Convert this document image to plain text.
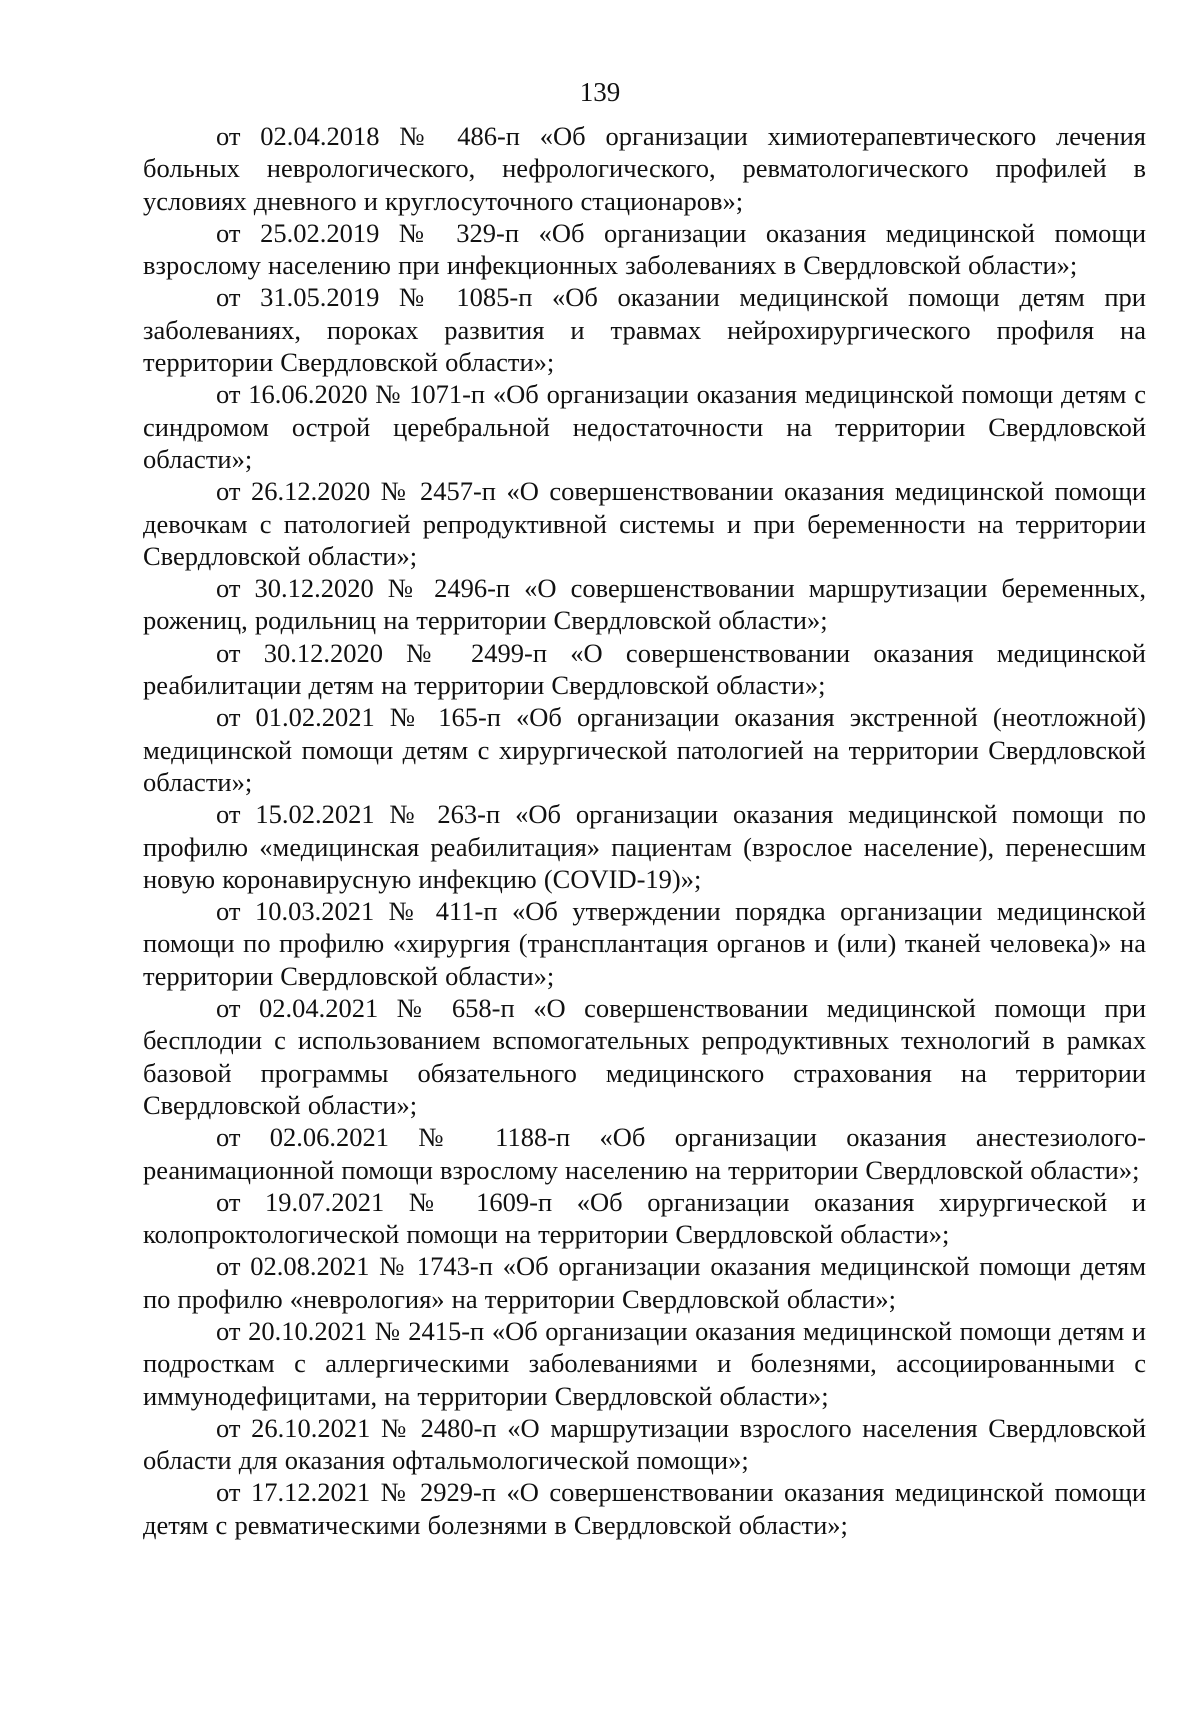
139

от 02.04.2018 № 486-п «Об организации химиотерапевтического лечения больных неврологического, нефрологического, ревматологического профилей в условиях дневного и круглосуточного стационаров»;

от 25.02.2019 № 329-п «Об организации оказания медицинской помощи взрослому населению при инфекционных заболеваниях в Свердловской области»;

от 31.05.2019 № 1085-п «Об оказании медицинской помощи детям при заболеваниях, пороках развития и травмах нейрохирургического профиля на территории Свердловской области»;

от 16.06.2020 № 1071-п «Об организации оказания медицинской помощи детям с синдромом острой церебральной недостаточности на территории Свердловской области»;

от 26.12.2020 № 2457-п «О совершенствовании оказания медицинской помощи девочкам с патологией репродуктивной системы и при беременности на территории Свердловской области»;

от 30.12.2020 № 2496-п «О совершенствовании маршрутизации беременных, рожениц, родильниц на территории Свердловской области»;

от 30.12.2020 № 2499-п «О совершенствовании оказания медицинской реабилитации детям на территории Свердловской области»;

от 01.02.2021 № 165-п «Об организации оказания экстренной (неотложной) медицинской помощи детям с хирургической патологией на территории Свердловской области»;

от 15.02.2021 № 263-п «Об организации оказания медицинской помощи по профилю «медицинская реабилитация» пациентам (взрослое население), перенесшим новую коронавирусную инфекцию (COVID-19)»;

от 10.03.2021 № 411-п «Об утверждении порядка организации медицинской помощи по профилю «хирургия (трансплантация органов и (или) тканей человека)» на территории Свердловской области»;

от 02.04.2021 № 658-п «О совершенствовании медицинской помощи при бесплодии с использованием вспомогательных репродуктивных технологий в рамках базовой программы обязательного медицинского страхования на территории Свердловской области»;

от 02.06.2021 № 1188-п «Об организации оказания анестезиолого-реанимационной помощи взрослому населению на территории Свердловской области»;

от 19.07.2021 № 1609-п «Об организации оказания хирургической и колопроктологической помощи на территории Свердловской области»;

от 02.08.2021 № 1743-п «Об организации оказания медицинской помощи детям по профилю «неврология» на территории Свердловской области»;

от 20.10.2021 № 2415-п «Об организации оказания медицинской помощи детям и подросткам с аллергическими заболеваниями и болезнями, ассоциированными с иммунодефицитами, на территории Свердловской области»;

от 26.10.2021 № 2480-п «О маршрутизации взрослого населения Свердловской области для оказания офтальмологической помощи»;

от 17.12.2021 № 2929-п «О совершенствовании оказания медицинской помощи детям с ревматическими болезнями в Свердловской области»;
